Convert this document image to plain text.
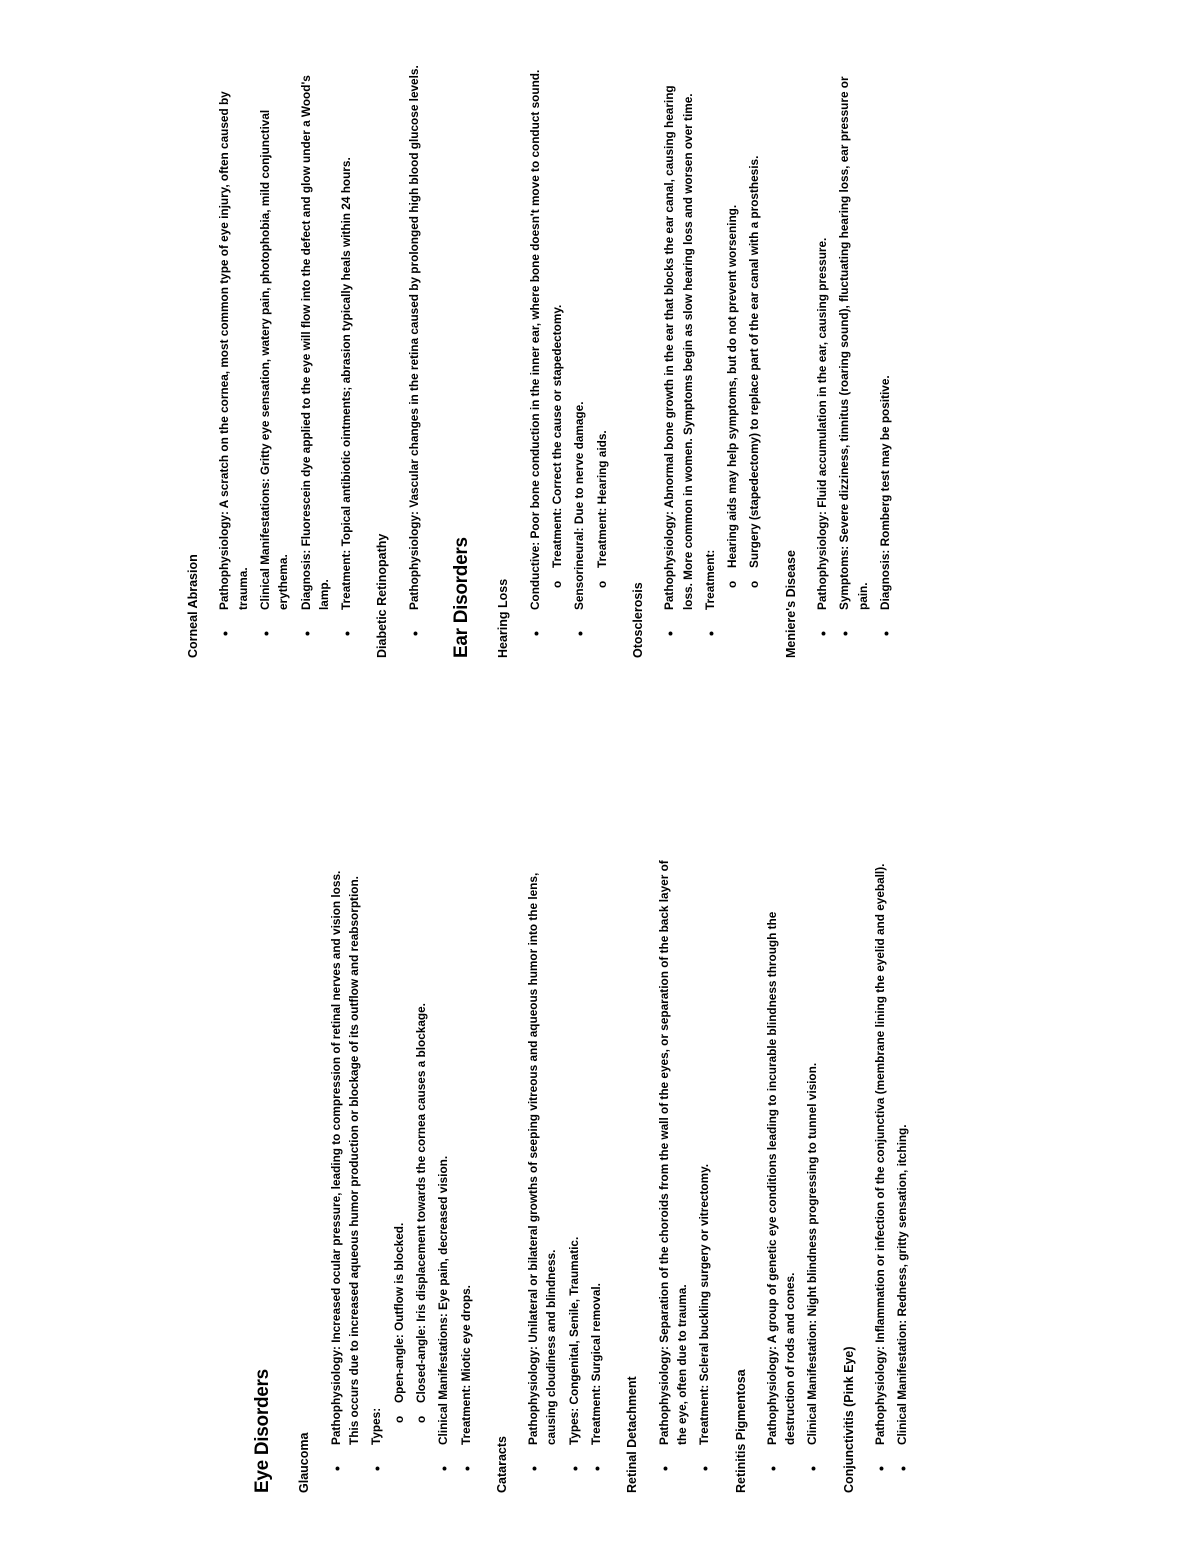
Eye Disorders	Glaucoma
• Pathophysiology: Increased ocular pressure, leading to compression of retinal nerves and vision loss. This occurs due to increased aqueous humor production or blockage of its outflow and reabsorption. • Types:
o Open-angle: Outflow is blocked.
o Closed-angle: Iris displacement towards the cornea causes a blockage.
• Clinical Manifestations: Eye pain, decreased vision.
• Treatment: Miotic eye drops.
Cataracts
• Pathophysiology: Unilateral or bilateral growths of seeping vitreous and aqueous humor into the lens, causing cloudiness and blindness. • Types: Congenital, Senile, Traumatic.
• Treatment: Surgical removal.
Retinal Detachment • Pathophysiology: Separation of the choroids from the wall of the eyes, or separation of the back layer of the eye, often due to trauma. • Treatment: Scleral buckling surgery or vitrectomy.
Retinitis Pigmentosa • Pathophysiology: A group of genetic eye conditions leading to incurable blindness through the destruction of rods and cones. • Clinical Manifestation: Night blindness progressing to tunnel vision.
Conjunctivitis (Pink Eye) • Pathophysiology: Inflammation or infection of the conjunctiva (membrane lining the eyelid and eyeball).
• Clinical Manifestation: Redness, gritty sensation, itching.
Corneal Abrasion • Pathophysiology: A scratch on the cornea, most common type of eye injury, often caused by trauma. • Clinical Manifestations: Gritty eye sensation, watery pain, photophobia, mild conjunctival erythema. • Diagnosis: Fluorescein dye applied to the eye will flow into the defect and glow under a Wood's lamp. • Treatment: Topical antibiotic ointments; abrasion typically heals within 24 hours.
Diabetic Retinopathy • Pathophysiology: Vascular changes in the retina caused by prolonged high blood glucose levels.
Ear Disorders	Hearing Loss
• Conductive: Poor bone conduction in the inner ear, where bone doesn't move to conduct sound. o Treatment: Correct the cause or stapedectomy.
• Sensorineural: Due to nerve damage.
o Treatment: Hearing aids.
Otosclerosis
• Pathophysiology: Abnormal bone growth in the ear that blocks the ear canal, causing hearing loss. More common in women. Symptoms begin as slow hearing loss and worsen over time. • Treatment:
o Hearing aids may help symptoms, but do not prevent worsening. o Surgery (stapedectomy) to replace part of the ear canal with a prosthesis.
Meniere's Disease • Pathophysiology: Fluid accumulation in the ear, causing pressure.
• Symptoms: Severe dizziness, tinnitus (roaring sound), fluctuating hearing loss, ear pressure or pain. • Diagnosis: Romberg test may be positive.
